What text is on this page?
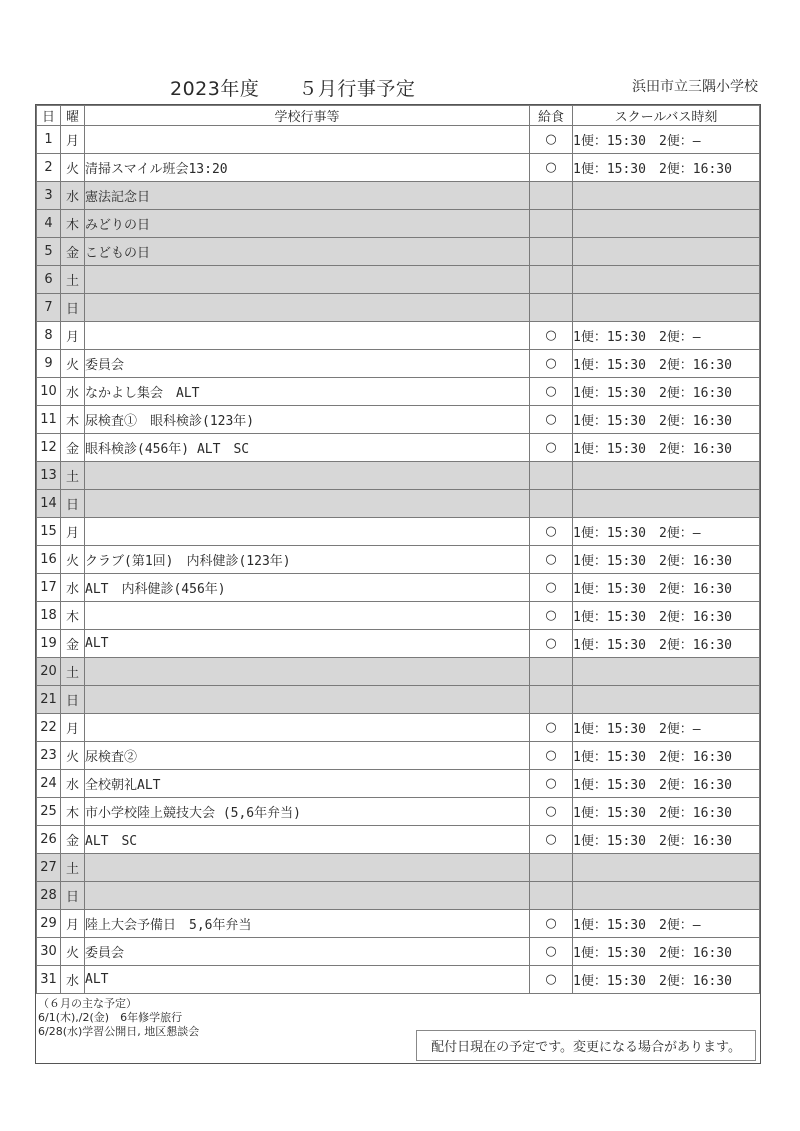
2023年度　　５月行事予定	浜田市立三隅小学校
日	曜	学校行事等	給食	スクールバス時刻
1	月		○	1便：15:30　2便：―
2	火	清掃スマイル班会13:20	○	1便：15:30　2便：16:30
3	水	憲法記念日		
4	木	みどりの日		
5	金	こどもの日		
6	土			
7	日			
8	月		○	1便：15:30　2便：―
9	火	委員会	○	1便：15:30　2便：16:30
10	水	なかよし集会　ALT	○	1便：15:30　2便：16:30
11	木	尿検査①　眼科検診(123年)	○	1便：15:30　2便：16:30
12	金	眼科検診(456年) ALT　SC	○	1便：15:30　2便：16:30
13	土			
14	日			
15	月		○	1便：15:30　2便：―
16	火	クラブ(第1回)　内科健診(123年)	○	1便：15:30　2便：16:30
17	水	ALT　内科健診(456年)	○	1便：15:30　2便：16:30
18	木		○	1便：15:30　2便：16:30
19	金	ALT	○	1便：15:30　2便：16:30
20	土			
21	日			
22	月		○	1便：15:30　2便：―
23	火	尿検査②	○	1便：15:30　2便：16:30
24	水	全校朝礼ALT	○	1便：15:30　2便：16:30
25	木	市小学校陸上競技大会 (5,6年弁当)	○	1便：15:30　2便：16:30
26	金	ALT　SC	○	1便：15:30　2便：16:30
27	土			
28	日			
29	月	陸上大会予備日　5,6年弁当	○	1便：15:30　2便：―
30	火	委員会	○	1便：15:30　2便：16:30
31	水	ALT	○	1便：15:30　2便：16:30
（６月の主な予定）
6/1(木),/2(金)　6年修学旅行
6/28(水)学習公開日, 地区懇談会
配付日現在の予定です。変更になる場合があります。
